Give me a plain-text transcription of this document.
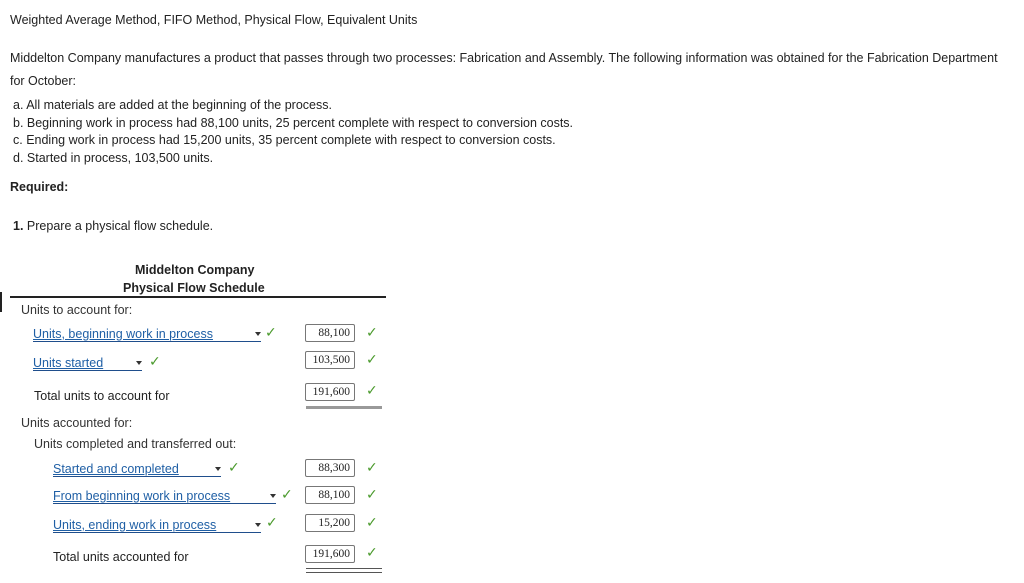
Weighted Average Method, FIFO Method, Physical Flow, Equivalent Units
Middelton Company manufactures a product that passes through two processes: Fabrication and Assembly. The following information was obtained for the Fabrication Department for October:
a. All materials are added at the beginning of the process.
b. Beginning work in process had 88,100 units, 25 percent complete with respect to conversion costs.
c. Ending work in process had 15,200 units, 35 percent complete with respect to conversion costs.
d. Started in process, 103,500 units.
Required:
1. Prepare a physical flow schedule.
Middelton Company
Physical Flow Schedule
Units to account for:
Units, beginning work in process	✓	88,100	✓
Units started	✓	103,500	✓
Total units to account for	191,600	✓
Units accounted for:
Units completed and transferred out:
Started and completed	✓	88,300	✓
From beginning work in process	✓	88,100	✓
Units, ending work in process	✓	15,200	✓
Total units accounted for	191,600	✓
